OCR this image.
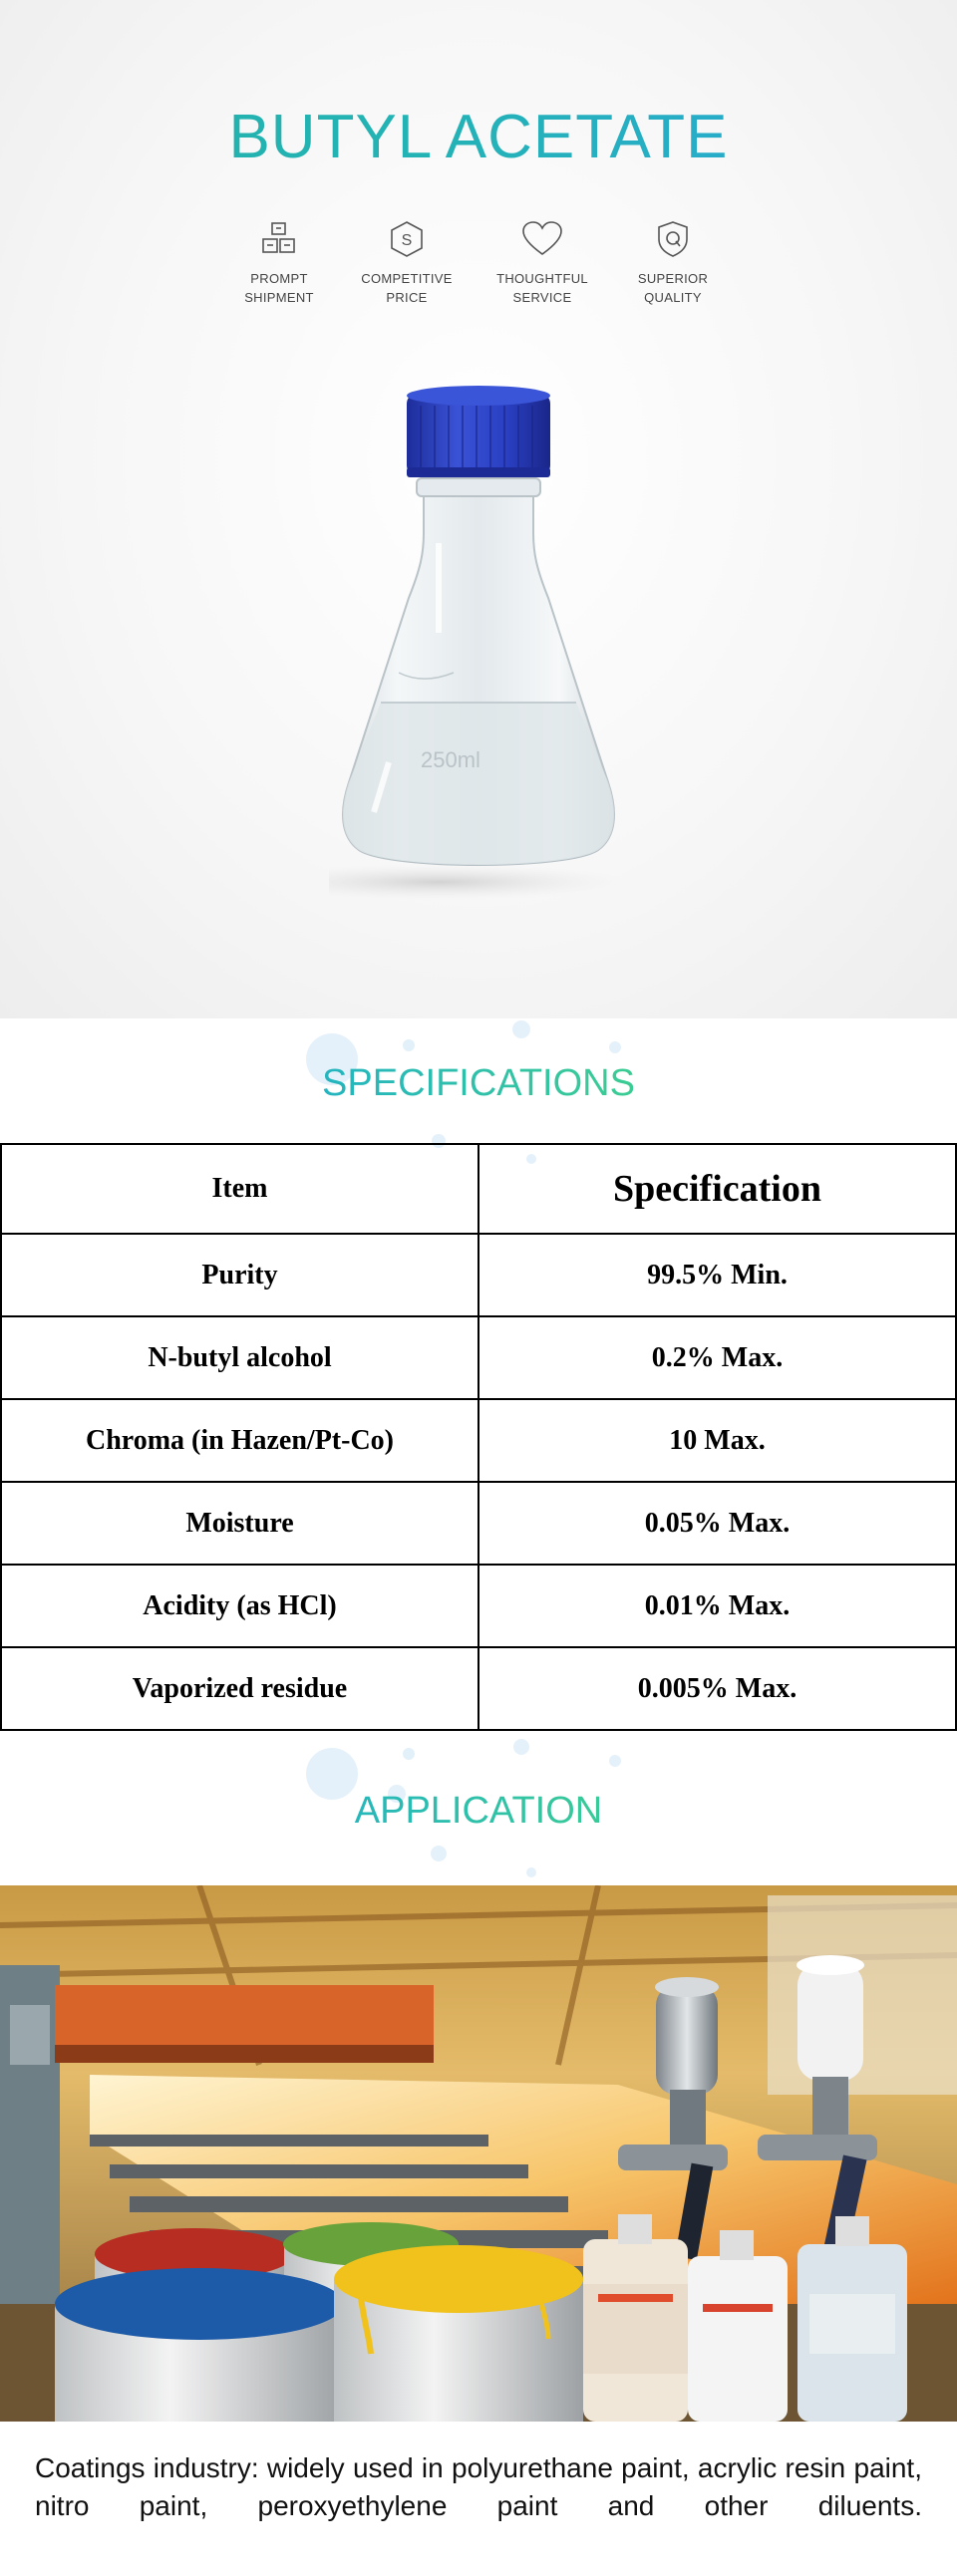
BUTYL ACETATE
PROMPT
SHIPMENT
S
COMPETITIVE
PRICE
THOUGHTFUL
SERVICE
SUPERIOR
QUALITY
250ml
SPECIFICATIONS
Item	Specification
Purity	99.5% Min.
N-butyl alcohol	0.2% Max.
Chroma (in Hazen/Pt-Co)	10 Max.
Moisture	0.05% Max.
Acidity (as HCl)	0.01% Max.
Vaporized residue	0.005% Max.
APPLICATION
Coatings industry: widely used in polyurethane paint, acrylic resin paint, nitro paint, peroxyethylene paint and other diluents.
